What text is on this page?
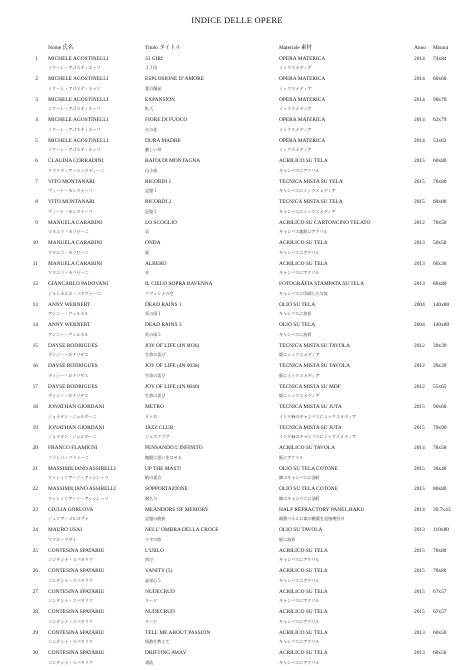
INDICE DELLE OPERE
Nome 氏名	Titolo タイトル	Materiale 素材	Anno	Misura
1 MICHELE AGOSTINELLI	33 GIRI	OPERA MATERICA	2014	74x84
ミケーレ・アゴスティネッリ	３３回	ミックスメディア
2 MICHELE AGOSTINELLI	ESPLOSIONE D' AMORE	OPERA MATERICA	2014	60x60
ミケーレ・アゴスティネッリ	愛の爆発	ミックスメディア
3 MICHELE AGOSTINELLI	EXPANSION	OPERA MATERICA	2014	90x70
ミケーレ・アゴスティネッリ	拡大	ミックスメディア
4 MICHELE AGOSTINELLI	FIORE DI FUOCO	OPERA MATERICA	2014	62x79
ミケーレ・アゴスティネッリ	火の花	ミックスメディア
5 MICHELE AGOSTINELLI	DURA MADRE	OPERA MATERICA	2014	53x63
ミケーレ・アゴスティネッリ	厳しい母	ミックスメディア
6 CLAUDIA CORRADINI	BAITA DI MONTAGNA	ACRILICO SU TELA	2015	60x80
クラウディア・コッラディーニ	山小屋	キャンバスにアクリル
7 VITO MONTANARI	RICORDI 1	TECNICA MISTA SU TELA	2015	70x80
ヴィート・モンタナーリ	記憶１	キャンバスにミックスメディア
8 VITO MONTANARI	RICORDI 2	TECNICA MISTA SU TELA	2015	60x80
ヴィート・モンタナーリ	記憶２	キャンバスにミックスメディア
9 MANUELA CARABINI	LO SCOGLIO	ACRILICO SU CARTONCINO TELATO	2012	70x50
マヌエラ・カラビーニ	岩	キャンバス地紙にアクリル
10 MANUELA CARABINI	ONDA	ACRILICO SU TELA	2013	50x50
マヌエラ・カラビーニ	波	キャンバスにアクリル
11 MANUELA CARABINI	ALBERO	ACRILICO SU TELA	2013	60x30
マヌエラ・カラビーニ	木	キャンバスにアクリル
12 GIANCARLO PADOVANI	IL CIELO SOPRA RAVENNA	FOTOGRAFIA STAMPATA SU TELA	2013	80x80
ジャンカルロ・パドヴァーニ	ラヴェンナの空	キャンバスに印刷した写真
13 ANNY WERNERT	DEAD RAINS 1	OLIO SU TELA	2004	140x80
アンニー・ヴェルネル	死の雨１	キャンバスに油彩
14 ANNY WERNERT	DEAD RAINS 3	OLIO SU TELA	2004	140x80
アンニー・ヴェルネル	死の雨３	キャンバスに油彩
15 DAYSE RODRIGUES	JOY OF LIFE (4N 0036)	TECNICA MISTA SU TAVOLA	2012	39x39
デイジー・ロドリゲス	生命の喜び	板にミックスメディア
16 DAYSE RODRIGUES	JOY OF LIFE (4N 0038)	TECNICA MISTA SU TAVOLA	2012	39x39
デイジー・ロドリゲス	生命の喜び	板にミックスメディア
17 DAYSE RODRIGUES	JOY OF LIFE (4N 0040)	TECNICA MISTA SU MDF	2012	55x65
デイジー・ロドリゲス	生命の喜び	板にミックスメディア
18 JONATHAN GIORDANI	METRO	TECNICA MISTA SU JUTA	2015	90x60
ジョナタン・ジョルダーニ	メトロ	インド麻のキャンバスにミックスメディア
19 JONATHAN GIORDANI	JAZZ CLUB	TECNICA MISTA SU JUTA	2015	70x90
ジョナタン・ジョルダーニ	ジャズクラブ	インド麻のキャンバスにミックスメディア
20 FRANCO FLAMIGNI	PENSANDO L'INFINITO	ACRILICO SU TAVOLA	2014	78x58
フランコ・フラミーニ	無限に思いをはせる	板にアクリル
21 MASSIMILIANO ASSIRELLI	UP THE MAST!	OLIO SU TELA COTONE	2015	30x40
マッシミリアーノ・アッシレッリ	帆の頂点	綿のキャンバスに油彩
22 MASSIMILIANO ASSIRELLI	SOPPORTAZIONE	OLIO SU TELA COTONE	2015	80x80
マッシミリアーノ・アッシレッリ	耐久力	綿のキャンバスに油彩
23 GIULIA GORLOVA	MEANDORS OF MEMORY	HALF REFRACTORY PANEL,RAKU	2014	39.7x43
ジュリア・ゴルロヴァ	記憶の曲折	耐熱パネルに楽の釉薬を直接焼付け
24 MAURO USAI	NELL' OMBRA DELLA CROCE	OLIO SU TAVOLA	2013	110x80
マウロ・ウザイ	十字の影	板に油彩
25 CONTESINA SPATARIU	L'URLO	ACRILICO SU TELA	2015	70x80
コンテシナ・スパタリウ	叫び	キャンバスにアクリル
26 CONTESINA SPATARIU	VANITY (5)	ACRILICO SU TELA	2015	70x80
コンテシナ・スパタリウ	虚栄心５	キャンバスにアクリル
27 CONTESINA SPATARIU	NUDECRUD	ACRILICO SU TELA	2015	67x57
コンテシナ・スパタリウ	ヌード	キャンバスにアクリル
28 CONTESINA SPATARIU	NUDECRUD	ACRILICO SU TELA	2015	67x57
コンテシナ・スパタリウ	ヌード	キャンバスにアクリル
29 CONTESINA SPATARIU	TELL ME ABOUT PASSION	ACRILICO SU TELA	2013	60x50
コンテシナ・スパタリウ	情熱を教えて	キャンバスにアクリル
30 CONTESINA SPATARIU	DRIFTING AWAY	ACRILICO SU TELA	2013	60x50
コンテシナ・スパタリウ	漂流	キャンバスにアクリル
